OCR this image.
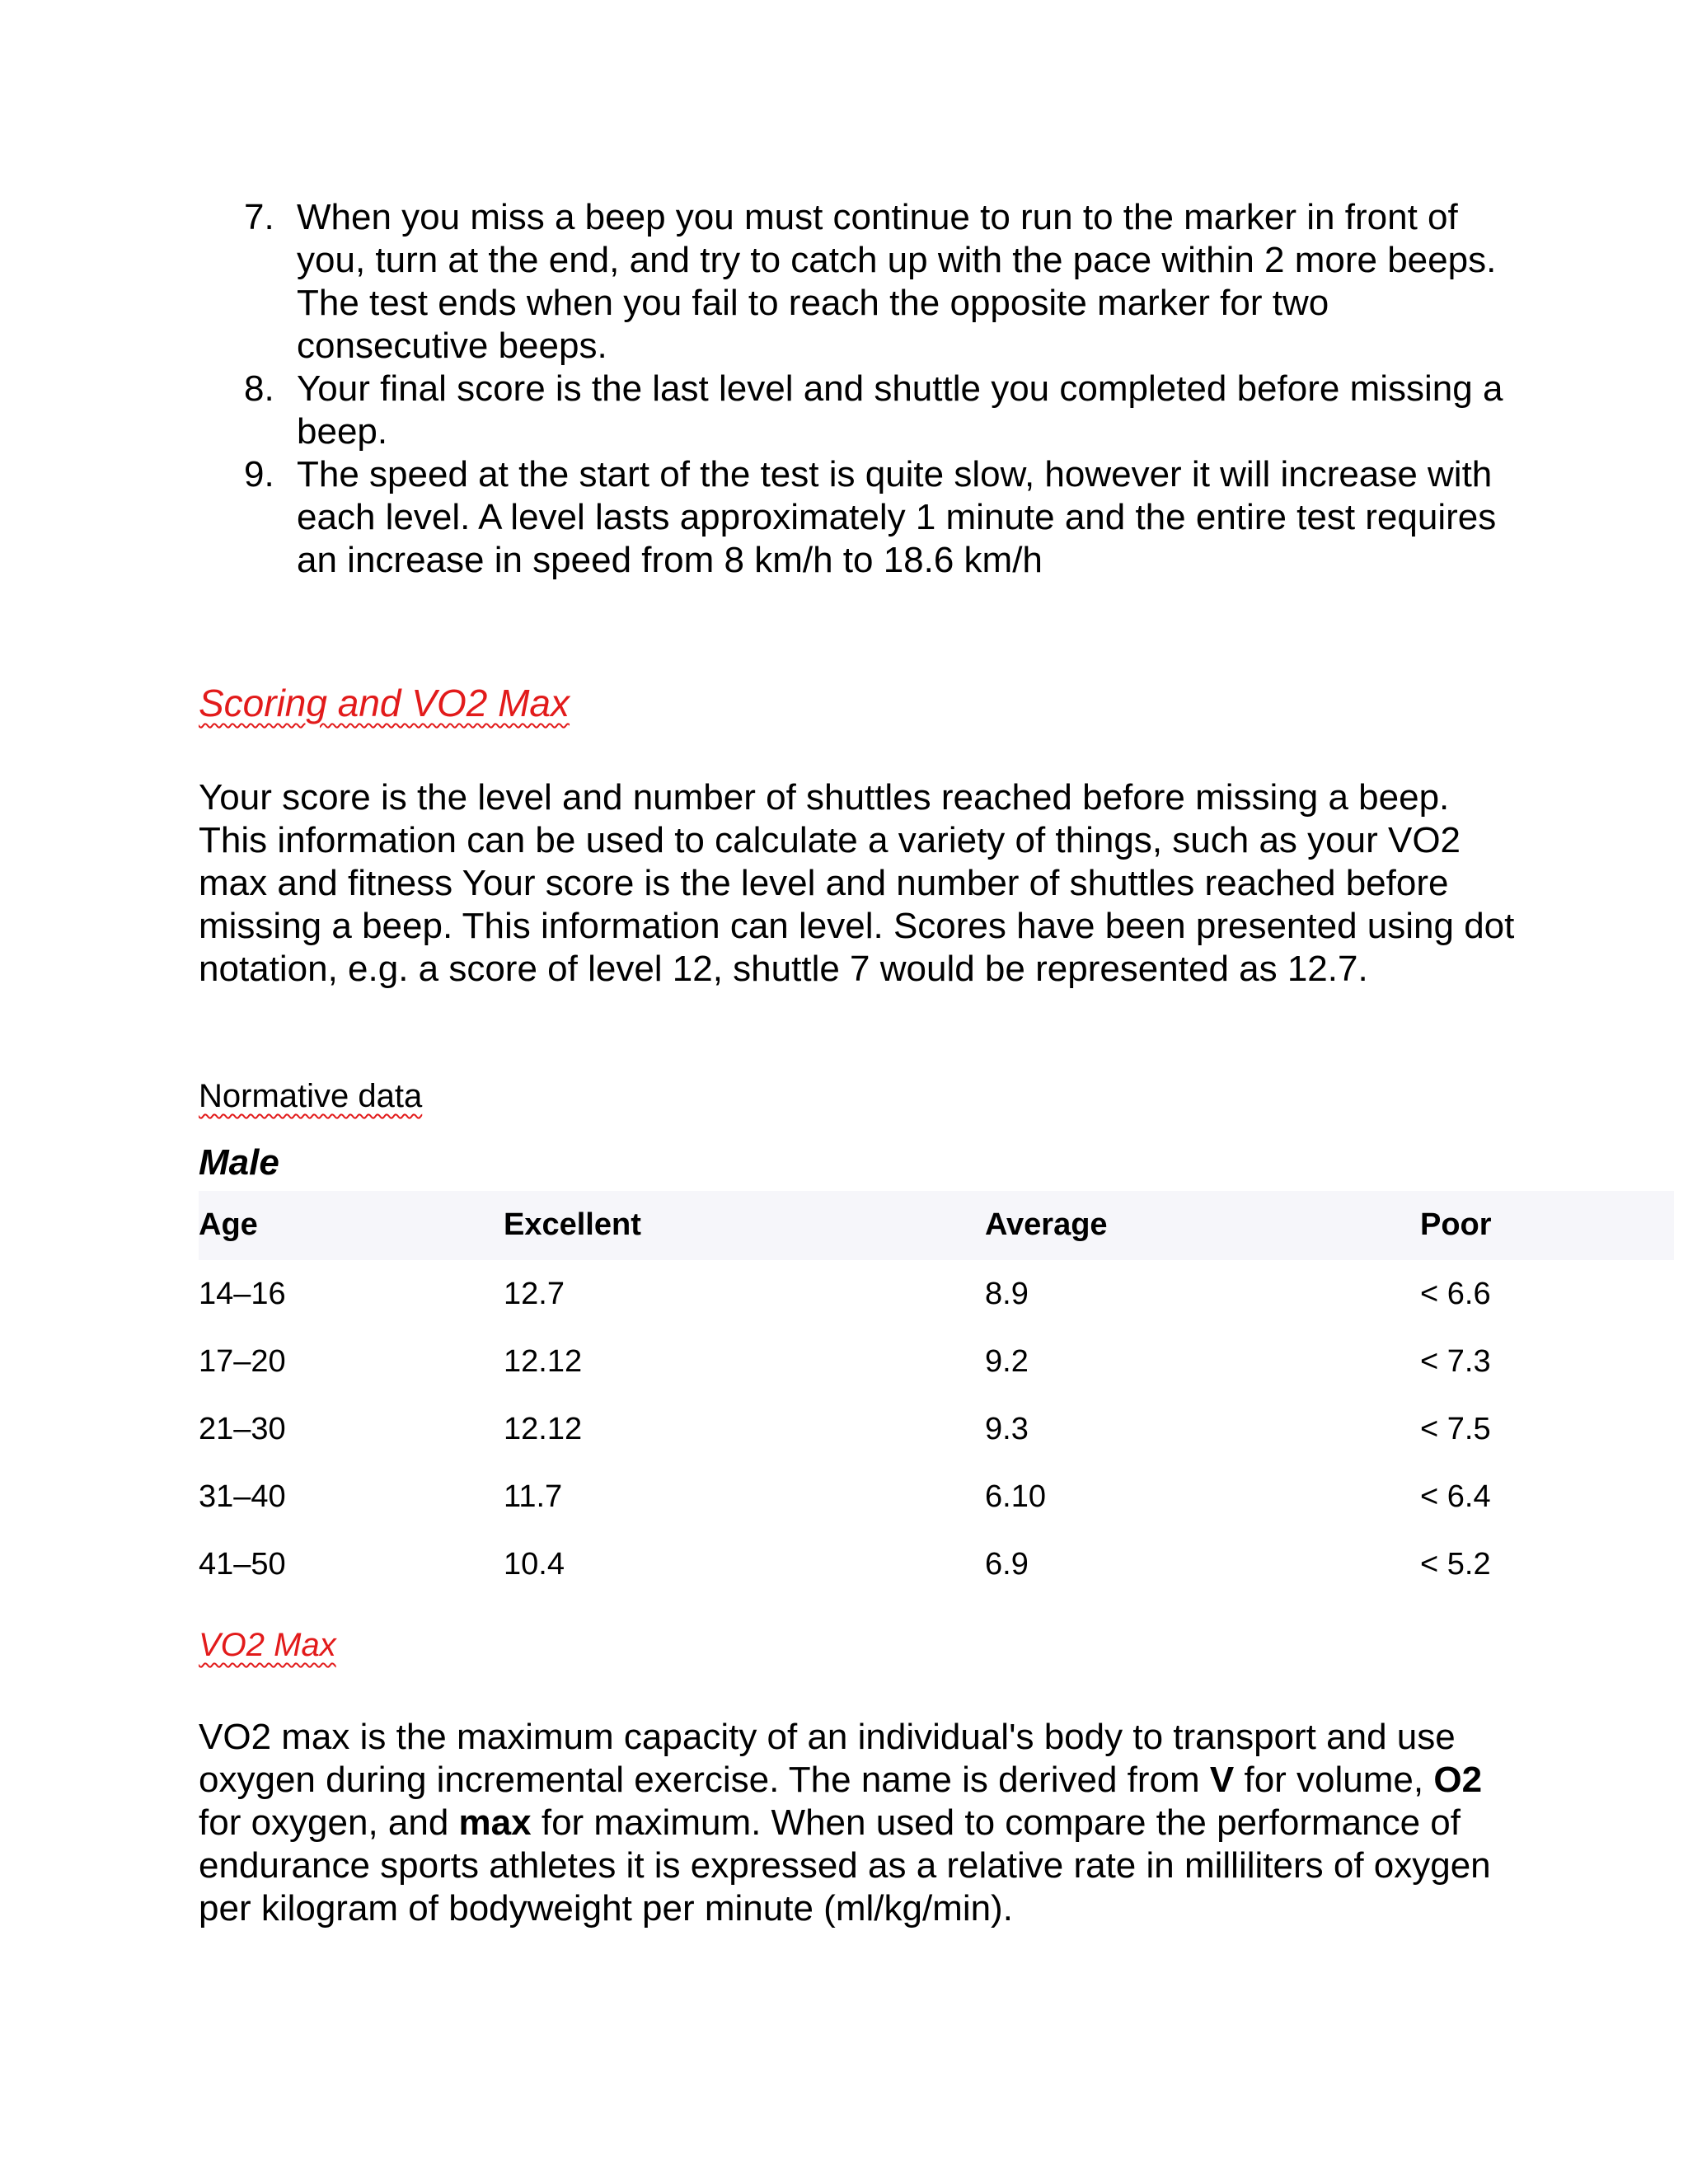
7. When you miss a beep you must continue to run to the marker in front of you, turn at the end, and try to catch up with the pace within 2 more beeps. The test ends when you fail to reach the opposite marker for two consecutive beeps.
8. Your final score is the last level and shuttle you completed before missing a beep.
9. The speed at the start of the test is quite slow, however it will increase with each level. A level lasts approximately 1 minute and the entire test requires an increase in speed from 8 km/h to 18.6 km/h
Scoring and VO2 Max

Your score is the level and number of shuttles reached before missing a beep. This information can be used to calculate a variety of things, such as your VO2 max and fitness Your score is the level and number of shuttles reached before missing a beep. This information can level. Scores have been presented using dot notation, e.g. a score of level 12, shuttle 7 would be represented as 12.7.

Normative data
Male
Age	Excellent	Average	Poor
14–16	12.7	8.9	< 6.6
17–20	12.12	9.2	< 7.3
21–30	12.12	9.3	< 7.5
31–40	11.7	6.10	< 6.4
41–50	10.4	6.9	< 5.2
VO2 Max

VO2 max is the maximum capacity of an individual's body to transport and use oxygen during incremental exercise. The name is derived from V for volume, O2 for oxygen, and max for maximum. When used to compare the performance of endurance sports athletes it is expressed as a relative rate in milliliters of oxygen per kilogram of bodyweight per minute (ml/kg/min).
